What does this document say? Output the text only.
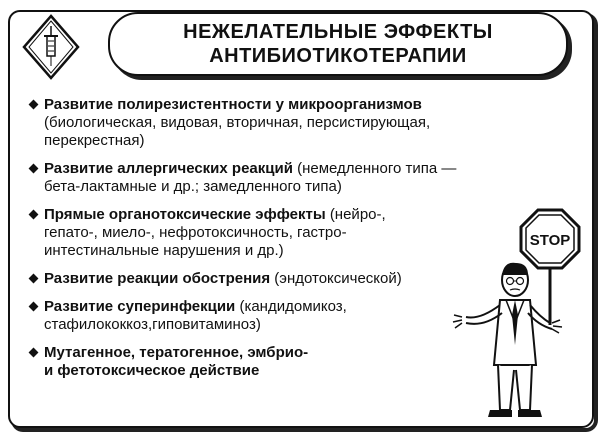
НЕЖЕЛАТЕЛЬНЫЕ ЭФФЕКТЫ
АНТИБИОТИКОТЕРАПИИ
Развитие полирезистентности у микроорганизмов
(биологическая, видовая, вторичная, персистирующая,
перекрестная)
Развитие аллергических реакций (немедленного типа —
бета-лактамные и др.; замедленного типа)
Прямые органотоксические эффекты (нейро-,
гепато-, миело-, нефротоксичность, гастро-
интестинальные нарушения и др.)
Развитие реакции обострения (эндотоксической)
Развитие суперинфекции (кандидомикоз,
стафилококкоз,гиповитаминоз)
Мутагенное, тератогенное, эмбрио-
и фетотоксическое действие
STOP
